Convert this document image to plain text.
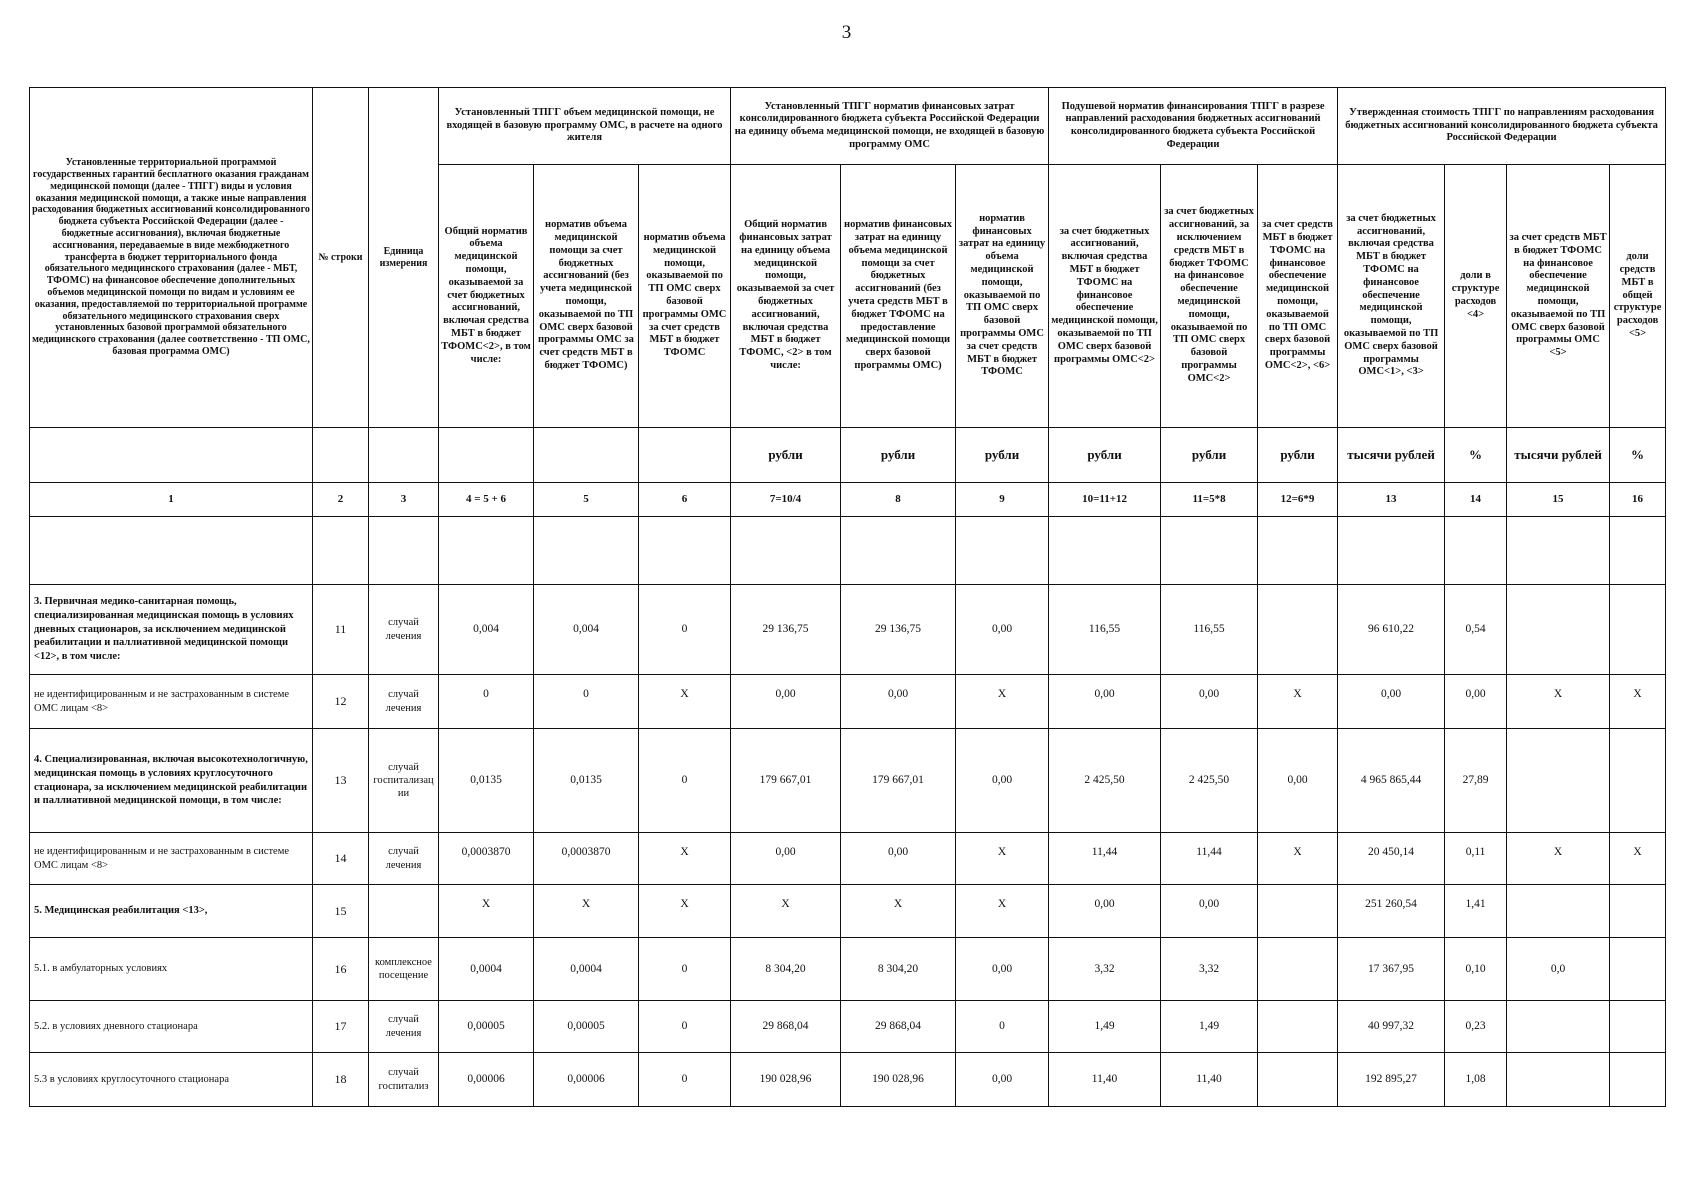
3
Установленные территориальной программой государственных гарантий бесплатного оказания гражданам медицинской помощи (далее - ТПГГ) виды и условия оказания медицинской помощи, а также иные направления расходования бюджетных ассигнований консолидированного бюджета субъекта Российской Федерации (далее - бюджетные ассигнования), включая бюджетные ассигнования, передаваемые в виде межбюджетного трансферта в бюджет территориального фонда обязательного медицинского страхования (далее - МБТ, ТФОМС) на финансовое обеспечение дополнительных объемов медицинской помощи по видам и условиям ее оказания, предоставляемой по территориальной программе обязательного медицинского страхования сверх установленных базовой программой обязательного медицинского страхования (далее соответственно - ТП ОМС, базовая программа ОМС)	№ строки	Единица измерения	Установленный ТПГГ объем медицинской помощи, не входящей в базовую программу ОМС, в расчете на одного жителя			Установленный ТПГГ норматив финансовых затрат консолидированного бюджета субъекта Российской Федерации на единицу объема медицинской помощи, не входящей в базовую программу ОМС			Подушевой норматив финансирования ТПГГ в разрезе направлений расходования бюджетных ассигнований консолидированного бюджета субъекта Российской Федерации			Утвержденная стоимость ТПГГ по направлениям расходования бюджетных ассигнований консолидированного бюджета субъекта Российской Федерации			
			Общий норматив объема медицинской помощи, оказываемой за счет бюджетных ассигнований, включая средства МБТ в бюджет ТФОМС<2>, в том числе:	норматив объема медицинской помощи за счет бюджетных ассигнований (без учета медицинской помощи, оказываемой по ТП ОМС сверх базовой программы ОМС за счет средств МБТ в бюджет ТФОМС)	норматив объема медицинской помощи, оказываемой по ТП ОМС сверх базовой программы ОМС за счет средств МБТ в бюджет ТФОМС	Общий норматив финансовых затрат на единицу объема медицинской помощи, оказываемой за счет бюджетных ассигнований, включая средства МБТ в бюджет ТФОМС, <2> в том числе:	норматив финансовых затрат на единицу объема медицинской помощи за счет бюджетных ассигнований (без учета средств МБТ в бюджет ТФОМС на предоставление медицинской помощи сверх базовой программы ОМС)	норматив финансовых затрат на единицу объема медицинской помощи, оказываемой по ТП ОМС сверх базовой программы ОМС за счет средств МБТ в бюджет ТФОМС	за счет бюджетных ассигнований, включая средства МБТ в бюджет ТФОМС на финансовое обеспечение медицинской помощи, оказываемой по ТП ОМС сверх базовой программы ОМС<2>	за счет бюджетных ассигнований, за исключением средств МБТ в бюджет ТФОМС на финансовое обеспечение медицинской помощи, оказываемой по ТП ОМС сверх базовой программы ОМС<2>	за счет средств МБТ в бюджет ТФОМС на финансовое обеспечение медицинской помощи, оказываемой по ТП ОМС сверх базовой программы ОМС<2>, <6>	за счет бюджетных ассигнований, включая средства МБТ в бюджет ТФОМС на финансовое обеспечение медицинской помощи, оказываемой по ТП ОМС сверх базовой программы ОМС<1>, <3>	доли в структуре расходов <4>	за счет средств МБТ в бюджет ТФОМС на финансовое обеспечение медицинской помощи, оказываемой по ТП ОМС сверх базовой программы ОМС <5>	доли средств МБТ в общей структуре расходов <5>
						рубли	рубли	рубли	рубли	рубли	рубли	тысячи рублей	%	тысячи рублей	%
1	2	3	4 = 5 + 6	5	6	7=10/4	8	9	10=11+12	11=5*8	12=6*9	13	14	15	16

3. Первичная медико-санитарная помощь, специализированная медицинская помощь в условиях дневных стационаров, за исключением медицинской реабилитации и паллиативной медицинской помощи <12>, в том числе:	11	случай лечения	0,004	0,004	0	29 136,75	29 136,75	0,00	116,55	116,55		96 610,22	0,54		
не идентифицированным и не застрахованным в системе ОМС лицам <8>	12	случай лечения	0	0	X	0,00	0,00	X	0,00	0,00	X	0,00	0,00	X	X
4. Специализированная, включая высокотехнологичную, медицинская помощь в условиях круглосуточного стационара, за исключением медицинской реабилитации и паллиативной медицинской помощи, в том числе:	13	случай госпитализации	0,0135	0,0135	0	179 667,01	179 667,01	0,00	2 425,50	2 425,50	0,00	4 965 865,44	27,89		
не идентифицированным и не застрахованным в системе ОМС лицам <8>	14	случай лечения	0,0003870	0,0003870	X	0,00	0,00	X	11,44	11,44	X	20 450,14	0,11	X	X
5. Медицинская реабилитация <13>,	15		X	X	X	X	X	X	0,00	0,00		251 260,54	1,41		
5.1. в амбулаторных условиях	16	комплексное посещение	0,0004	0,0004	0	8 304,20	8 304,20	0,00	3,32	3,32		17 367,95	0,10	0,0	
5.2. в условиях дневного стационара	17	случай лечения	0,00005	0,00005	0	29 868,04	29 868,04	0	1,49	1,49		40 997,32	0,23		
5.3 в условиях круглосуточного стационара	18	случай госпитализ	0,00006	0,00006	0	190 028,96	190 028,96	0,00	11,40	11,40		192 895,27	1,08		
